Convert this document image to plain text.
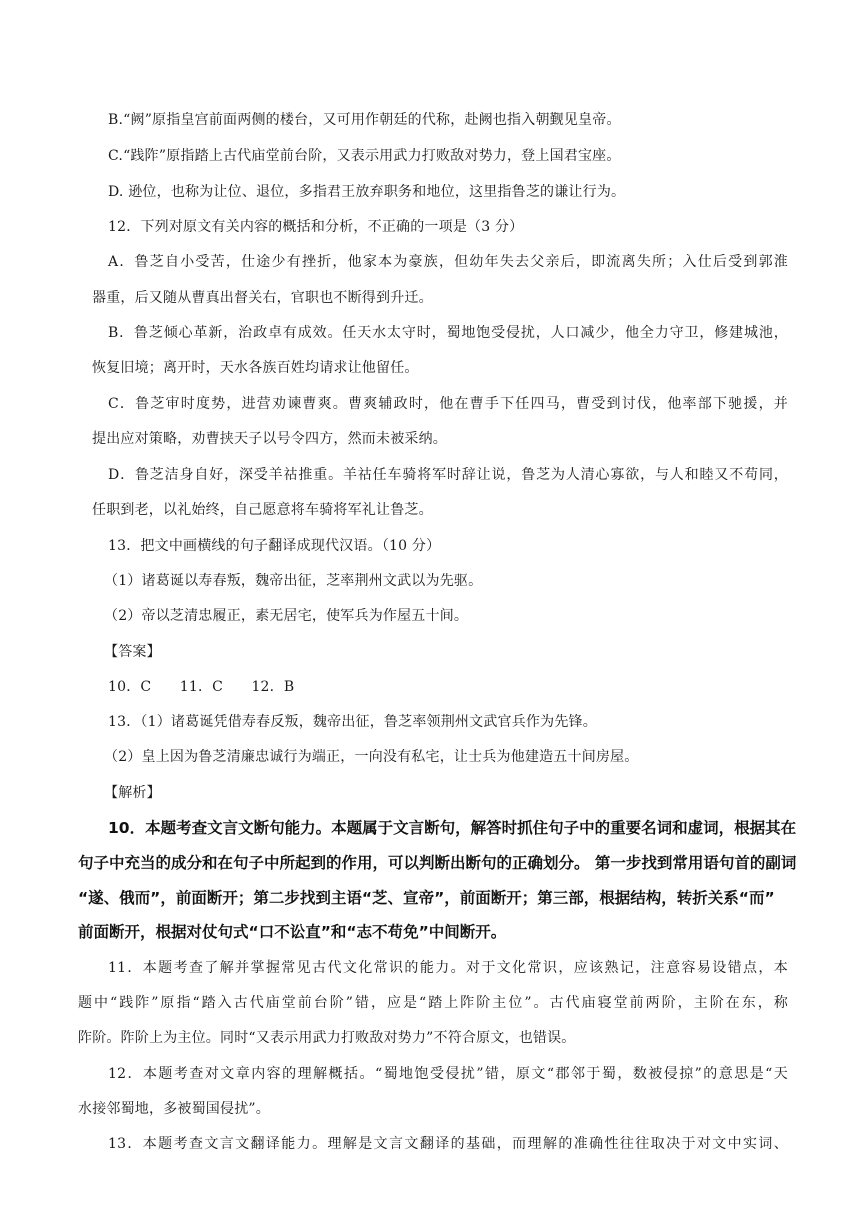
B.“阙”原指皇宫前面两侧的楼台，又可用作朝廷的代称，赴阙也指入朝觐见皇帝。
C.“践阼”原指踏上古代庙堂前台阶，又表示用武力打败敌对势力，登上国君宝座。
D. 逊位，也称为让位、退位，多指君王放弃职务和地位，这里指鲁芝的谦让行为。
12．下列对原文有关内容的概括和分析，不正确的一项是（3 分）
A．鲁芝自小受苦，仕途少有挫折，他家本为豪族，但幼年失去父亲后，即流离失所；入仕后受到郭淮
器重，后又随从曹真出督关右，官职也不断得到升迁。
B．鲁芝倾心革新，治政卓有成效。任天水太守时，蜀地饱受侵扰，人口减少，他全力守卫，修建城池，
恢复旧境；离开时，天水各族百姓均请求让他留任。
C．鲁芝审时度势，进营劝谏曹爽。曹爽辅政时，他在曹手下任四马，曹受到讨伐，他率部下驰援，并
提出应对策略，劝曹挟天子以号令四方，然而未被采纳。
D．鲁芝洁身自好，深受羊祜推重。羊祜任车骑将军时辞让说，鲁芝为人清心寡欲，与人和睦又不苟同，
任职到老，以礼始终，自己愿意将车骑将军礼让鲁芝。
13．把文中画横线的句子翻译成现代汉语。（10 分）
（1）诸葛诞以寿春叛，魏帝出征，芝率荆州文武以为先驱。
（2）帝以芝清忠履正，素无居宅，使军兵为作屋五十间。
【答案】
10．C　　11．C　　12．B
13．（1）诸葛诞凭借寿春反叛，魏帝出征，鲁芝率领荆州文武官兵作为先锋。
（2）皇上因为鲁芝清廉忠诚行为端正，一向没有私宅，让士兵为他建造五十间房屋。
【解析】
10．本题考查文言文断句能力。本题属于文言断句，解答时抓住句子中的重要名词和虚词，根据其在
句子中充当的成分和在句子中所起到的作用，可以判断出断句的正确划分。 第一步找到常用语句首的副词
“遂、俄而”，前面断开；第二步找到主语“芝、宣帝”，前面断开；第三部，根据结构，转折关系“而”
前面断开，根据对仗句式“口不讼直”和“志不苟免”中间断开。
11．本题考查了解并掌握常见古代文化常识的能力。对于文化常识，应该熟记，注意容易设错点，本
题中“践阼”原指“踏入古代庙堂前台阶”错，应是“踏上阼阶主位”。古代庙寝堂前两阶，主阶在东，称
阼阶。阼阶上为主位。同时“又表示用武力打败敌对势力”不符合原文，也错误。
12．本题考查对文章内容的理解概括。“蜀地饱受侵扰”错，原文“郡邻于蜀，数被侵掠”的意思是“天
水接邻蜀地，多被蜀国侵扰”。
13．本题考查文言文翻译能力。理解是文言文翻译的基础，而理解的准确性往往取决于对文中实词、
